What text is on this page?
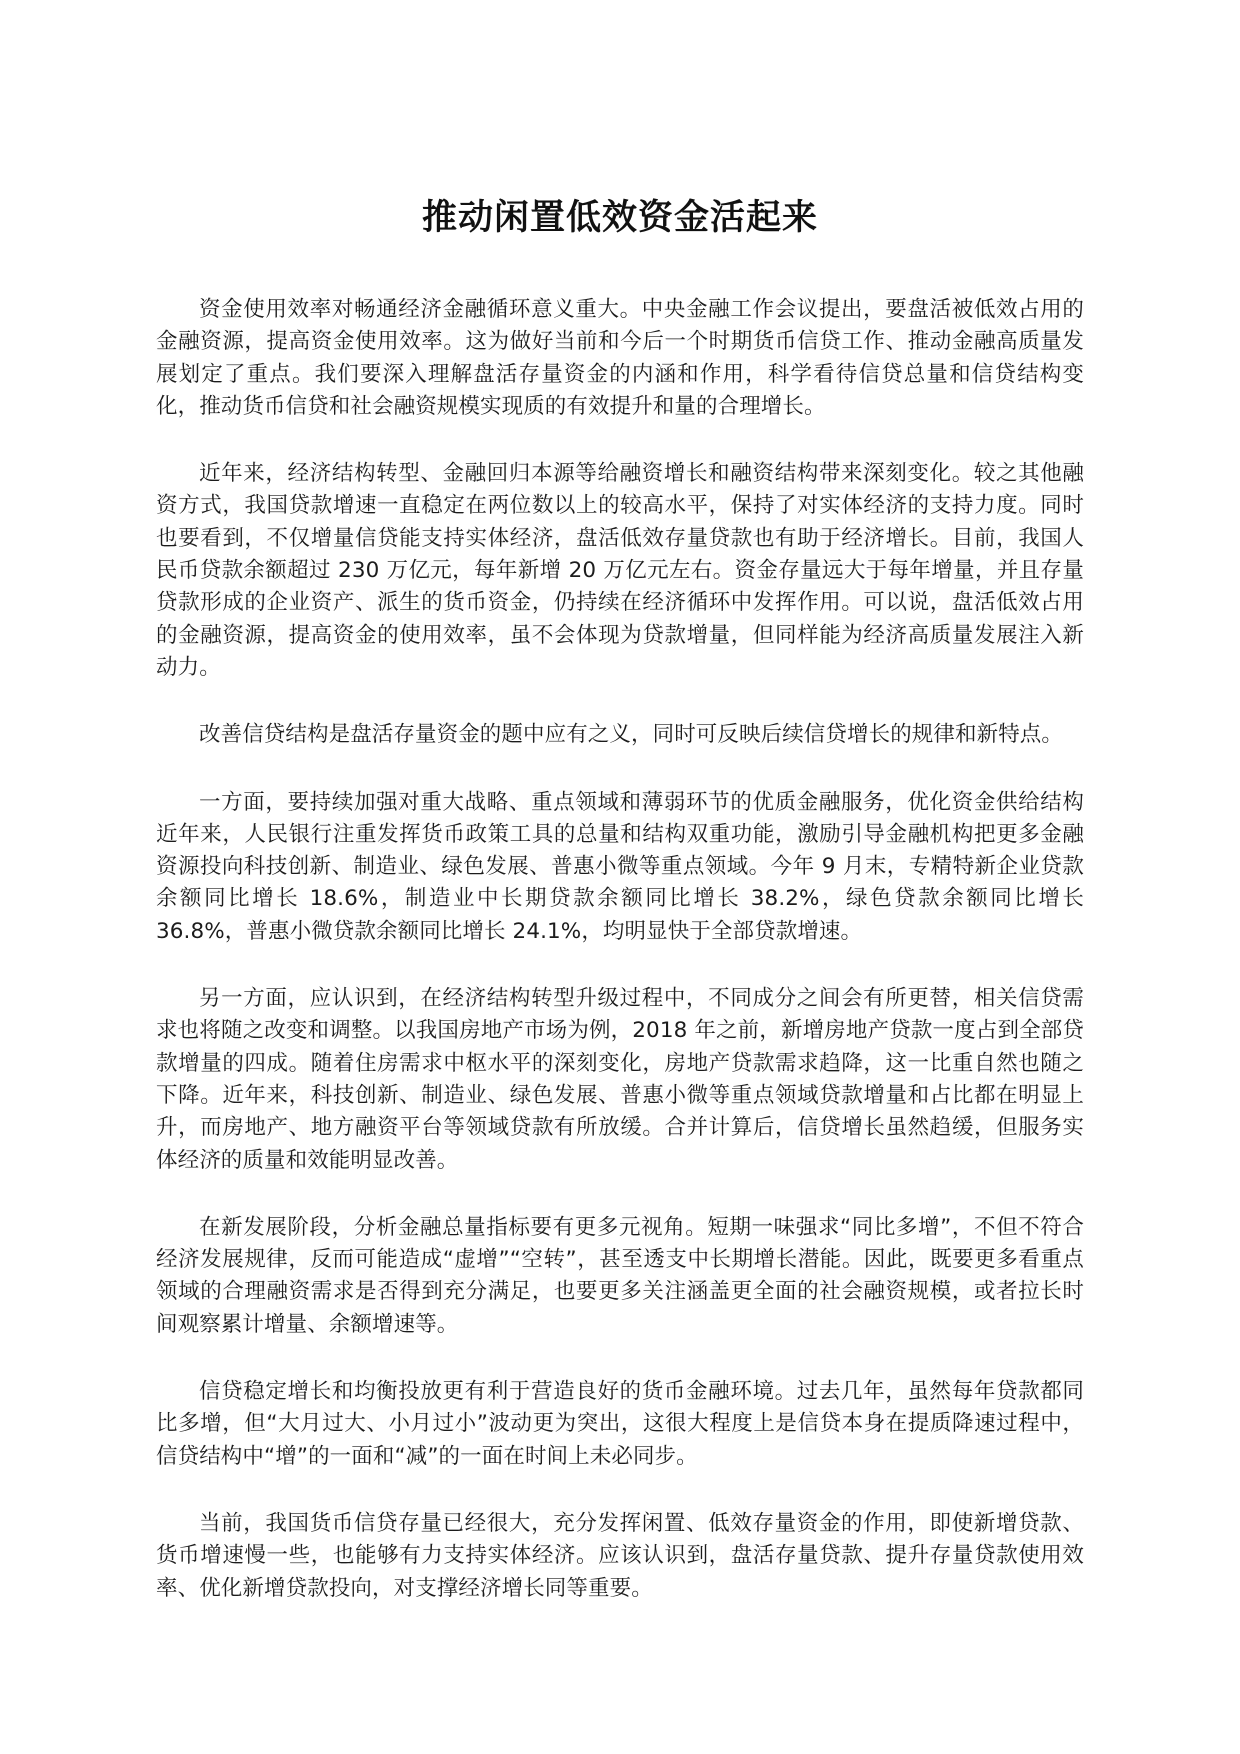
推动闲置低效资金活起来

资金使用效率对畅通经济金融循环意义重大。中央金融工作会议提出，要盘活被低效占用的金融资源，提高资金使用效率。这为做好当前和今后一个时期货币信贷工作、推动金融高质量发展划定了重点。我们要深入理解盘活存量资金的内涵和作用，科学看待信贷总量和信贷结构变化，推动货币信贷和社会融资规模实现质的有效提升和量的合理增长。

近年来，经济结构转型、金融回归本源等给融资增长和融资结构带来深刻变化。较之其他融资方式，我国贷款增速一直稳定在两位数以上的较高水平，保持了对实体经济的支持力度。同时也要看到，不仅增量信贷能支持实体经济，盘活低效存量贷款也有助于经济增长。目前，我国人民币贷款余额超过 230 万亿元，每年新增 20 万亿元左右。资金存量远大于每年增量，并且存量贷款形成的企业资产、派生的货币资金，仍持续在经济循环中发挥作用。可以说，盘活低效占用的金融资源，提高资金的使用效率，虽不会体现为贷款增量，但同样能为经济高质量发展注入新动力。

改善信贷结构是盘活存量资金的题中应有之义，同时可反映后续信贷增长的规律和新特点。

一方面，要持续加强对重大战略、重点领域和薄弱环节的优质金融服务，优化资金供给结构近年来，人民银行注重发挥货币政策工具的总量和结构双重功能，激励引导金融机构把更多金融资源投向科技创新、制造业、绿色发展、普惠小微等重点领域。今年 9 月末，专精特新企业贷款余额同比增长 18.6%，制造业中长期贷款余额同比增长 38.2%，绿色贷款余额同比增长 36.8%，普惠小微贷款余额同比增长 24.1%，均明显快于全部贷款增速。

另一方面，应认识到，在经济结构转型升级过程中，不同成分之间会有所更替，相关信贷需求也将随之改变和调整。以我国房地产市场为例，2018 年之前，新增房地产贷款一度占到全部贷款增量的四成。随着住房需求中枢水平的深刻变化，房地产贷款需求趋降，这一比重自然也随之下降。近年来，科技创新、制造业、绿色发展、普惠小微等重点领域贷款增量和占比都在明显上升，而房地产、地方融资平台等领域贷款有所放缓。合并计算后，信贷增长虽然趋缓，但服务实体经济的质量和效能明显改善。

在新发展阶段，分析金融总量指标要有更多元视角。短期一味强求“同比多增”，不但不符合经济发展规律，反而可能造成“虚增”“空转”，甚至透支中长期增长潜能。因此，既要更多看重点领域的合理融资需求是否得到充分满足，也要更多关注涵盖更全面的社会融资规模，或者拉长时间观察累计增量、余额增速等。

信贷稳定增长和均衡投放更有利于营造良好的货币金融环境。过去几年，虽然每年贷款都同比多增，但“大月过大、小月过小”波动更为突出，这很大程度上是信贷本身在提质降速过程中，信贷结构中“增”的一面和“减”的一面在时间上未必同步。

当前，我国货币信贷存量已经很大，充分发挥闲置、低效存量资金的作用，即使新增贷款、货币增速慢一些，也能够有力支持实体经济。应该认识到，盘活存量贷款、提升存量贷款使用效率、优化新增贷款投向，对支撑经济增长同等重要。
